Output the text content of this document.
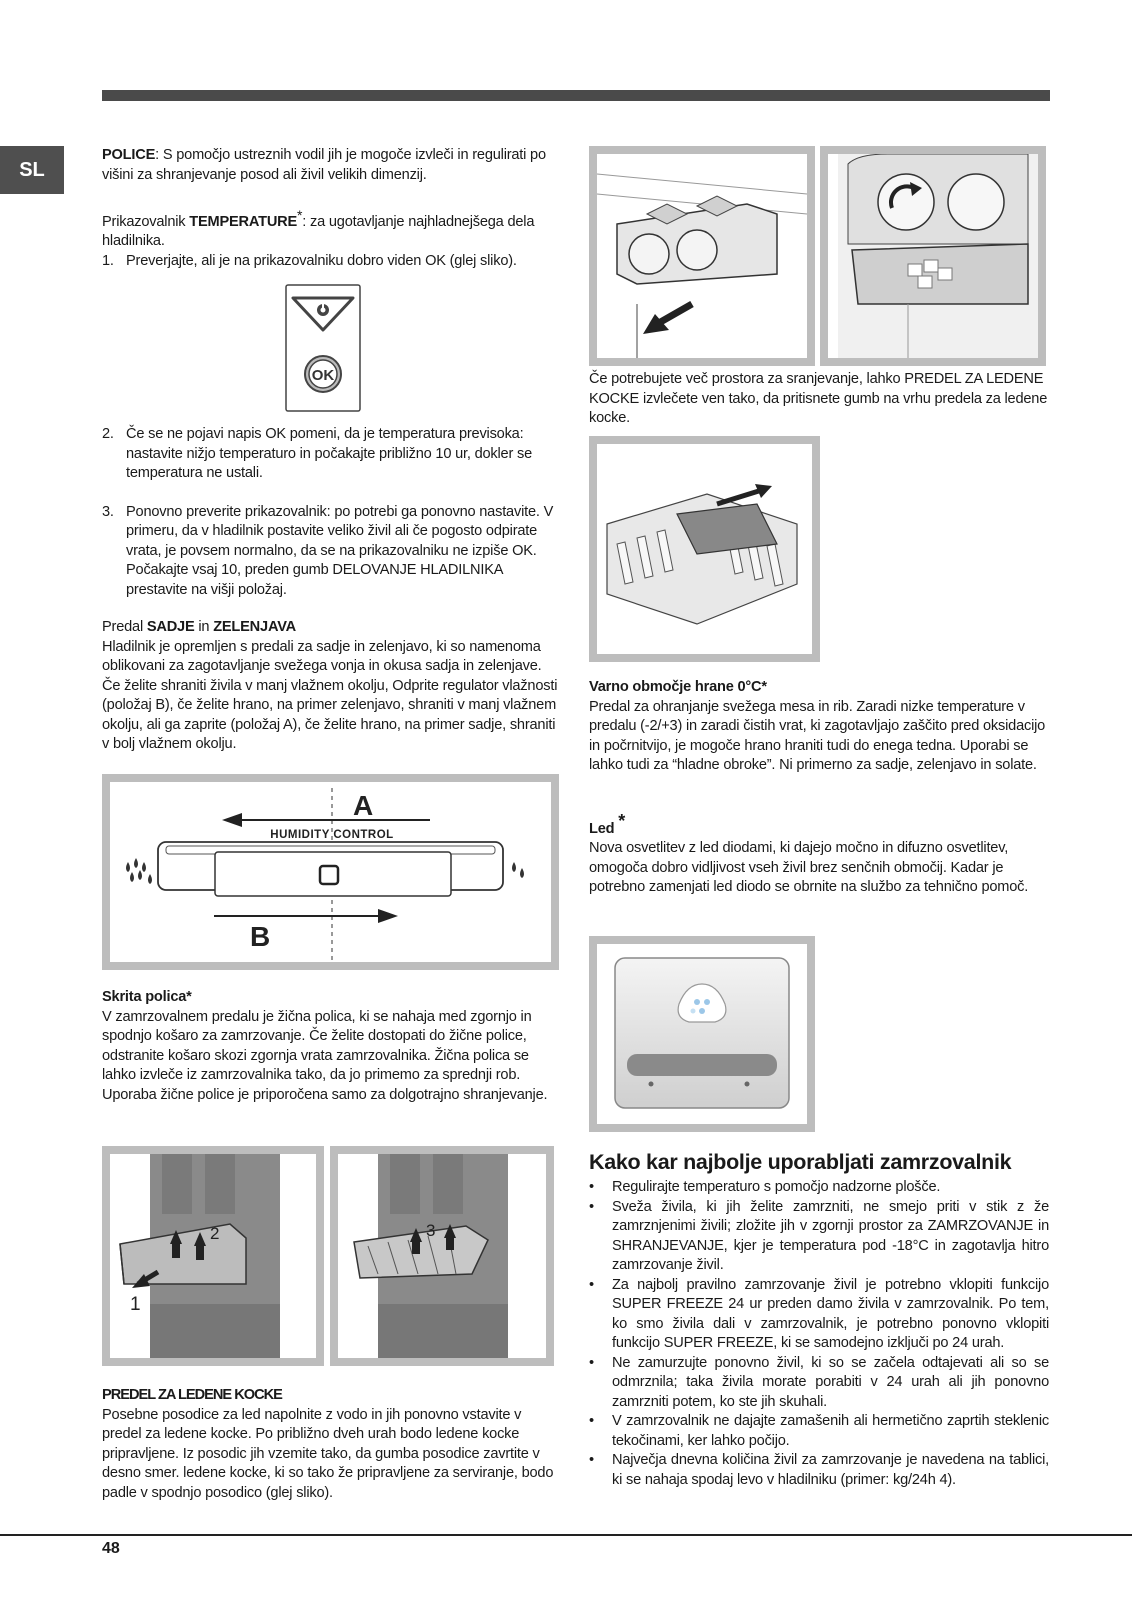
SL

POLICE: S pomočjo ustreznih vodil jih je mogoče izvleči in regulirati po višini za shranjevanje posod ali živil velikih dimenzij.

Prikazovalnik TEMPERATURE*: za ugotavljanje najhladnejšega dela hladilnika.

1. Preverjajte, ali je na prikazovalniku dobro viden OK (glej sliko).

OK

2. Če se ne pojavi napis OK pomeni, da je temperatura previsoka: nastavite nižjo temperaturo in počakajte približno 10 ur, dokler se temperatura ne ustali.

3. Ponovno preverite prikazovalnik: po potrebi ga ponovno nastavite. V primeru, da v hladilnik postavite veliko živil ali če pogosto odpirate vrata, je povsem normalno, da se na prikazovalniku ne izpiše OK. Počakajte vsaj 10, preden gumb DELOVANJE HLADILNIKA prestavite na višji položaj.

Predal SADJE in ZELENJAVA

Hladilnik je opremljen s predali za sadje in zelenjavo, ki so namenoma oblikovani za zagotavljanje svežega vonja in okusa sadja in zelenjave. Če želite shraniti živila v manj vlažnem okolju, Odprite regulator vlažnosti (položaj B), če želite hrano, na primer zelenjavo, shraniti v manj vlažnem okolju, ali ga zaprite (položaj A), če želite hrano, na primer sadje, shraniti v bolj vlažnem okolju.

A
HUMIDITY CONTROL
B

Skrita polica*

V zamrzovalnem predalu je žična polica, ki se nahaja med zgornjo in spodnjo košaro za zamrzovanje. Če želite dostopati do žične police, odstranite košaro skozi zgornja vrata zamrzovalnika. Žična polica se lahko izvleče iz zamrzovalnika tako, da jo primemo za sprednji rob. Uporaba žične police je priporočena samo za dolgotrajno shranjevanje.

2
1
3

PREDEL ZA LEDENE KOCKE

Posebne posodice za led napolnite z vodo in jih ponovno vstavite v predel za ledene kocke. Po približno dveh urah bodo ledene kocke pripravljene. Iz posodic jih vzemite tako, da gumba posodice zavrtite v desno smer. ledene kocke, ki so tako že pripravljene za serviranje, bodo padle v spodnjo posodico (glej sliko).

Če potrebujete več prostora za sranjevanje, lahko PREDEL ZA LEDENE KOCKE izvlečete ven tako, da pritisnete gumb na vrhu predela za ledene kocke.

Varno območje hrane 0°C*

Predal za ohranjanje svežega mesa in rib. Zaradi nizke temperature v predalu (-2/+3) in zaradi čistih vrat, ki zagotavljajo zaščito pred oksidacijo in počrnitvijo, je mogoče hrano hraniti tudi do enega tedna. Uporabi se lahko tudi za “hladne obroke”. Ni primerno za sadje, zelenjavo in solate.

Led *

Nova osvetlitev z led diodami, ki dajejo močno in difuzno osvetlitev, omogoča dobro vidljivost vseh živil brez senčnih območij. Kadar je potrebno zamenjati led diodo se obrnite na službo za tehnično pomoč.

Kako kar najbolje uporabljati zamrzovalnik

• Regulirajte temperaturo s pomočjo nadzorne plošče.

• Sveža živila, ki jih želite zamrzniti, ne smejo priti v stik z že zamrznjenimi živili; zložite jih v zgornji prostor za ZAMRZOVANJE in SHRANJEVANJE, kjer je temperatura pod -18°C in zagotavlja hitro zamrzovanje živil.

• Za najbolj pravilno zamrzovanje živil je potrebno vklopiti funkcijo SUPER FREEZE 24 ur preden damo živila v zamrzovalnik. Po tem, ko smo živila dali v zamrzovalnik, je potrebno ponovno vklopiti funkcijo SUPER FREEZE, ki se samodejno izključi po 24 urah.

• Ne zamurzujte ponovno živil, ki so se začela odtajevati ali so se odmrznila; taka živila morate porabiti v 24 urah ali jih ponovno zamrzniti potem, ko ste jih skuhali.

• V zamrzovalnik ne dajajte zamašenih ali hermetično zaprtih steklenic tekočinami, ker lahko počijo.

• Največja dnevna količina živil za zamrzovanje je navedena na tablici, ki se nahaja spodaj levo v hladilniku (primer: kg/24h 4).

48
